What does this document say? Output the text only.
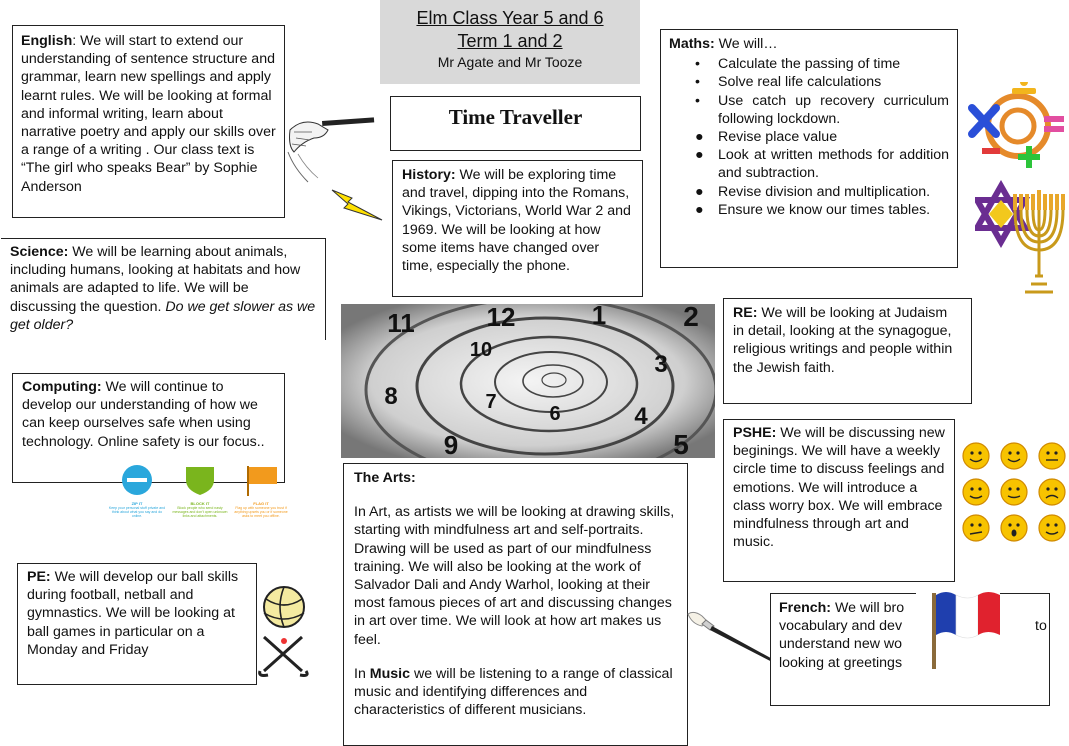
Elm Class Year 5 and 6
Term 1 and 2
Mr Agate and Mr Tooze
Time Traveller
English: We will start to extend our understanding of sentence structure and grammar, learn new spellings and apply learnt rules. We will be looking at formal and informal writing, learn about narrative poetry and apply our skills over a range of a writing . Our class text is “The girl who speaks Bear” by Sophie Anderson
Science: We will be learning about animals, including humans, looking at habitats and how animals are adapted to life. We will be discussing the question. Do we get slower as we get older?
Computing: We will continue to develop our understanding of how we can keep ourselves safe when using technology. Online safety is our focus..
ZIP IT
Keep your personal stuff private and think about what you say and do online.
BLOCK IT
Block people who send nasty messages and don't open unknown links and attachments.
FLAG IT
Flag up with someone you trust if anything upsets you or if someone asks to meet you offline.
PE: We will develop our ball skills during football, netball and gymnastics. We will be looking at ball games in particular on a Monday and Friday
History: We will be exploring time and travel, dipping into the Romans, Vikings, Victorians, World War 2 and 1969. We will be looking at how some items have changed over time, especially the phone.
11	12	1	2
3
4
5
6
7
8
9
10
Maths: We will…
• Calculate the passing of time
• Solve real life calculations
• Use catch up recovery curriculum following lockdown.
● Revise place value
● Look at written methods for addition and subtraction.
● Revise division and multiplication.
● Ensure we know our times tables.
RE: We will be looking at Judaism in detail, looking at the synagogue, religious writings and people within the Jewish faith.
PSHE: We will be discussing new beginings. We will have a weekly circle time to discuss feelings and emotions. We will introduce a class worry box. We will embrace mindfulness through art and music.
The Arts:

In Art, as artists we will be looking at drawing skills, starting with mindfulness art and self-portraits. Drawing will be used as part of our mindfulness training. We will also be looking at the work of Salvador Dali and Andy Warhol, looking at their most famous pieces of art and discussing changes in art over time. We will look at how art makes us feel.

In Music we will be listening to a range of classical music and identifying differences and characteristics of different musicians.

French: We will bro
vocabulary and dev	to
understand new wo
looking at greetings
